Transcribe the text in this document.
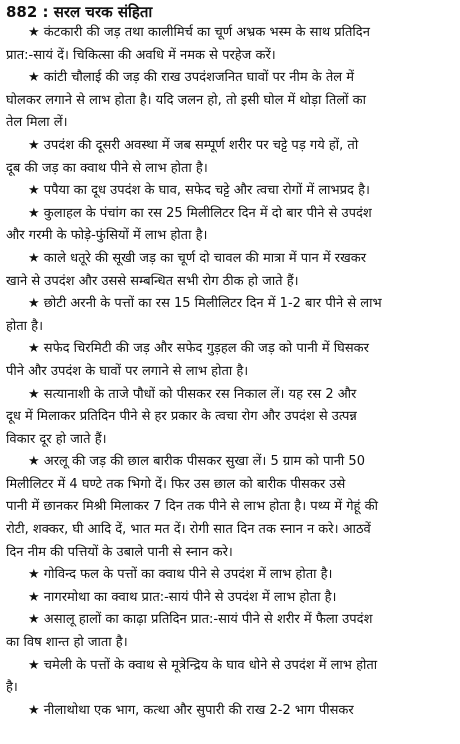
882 : सरल चरक संहिता
★ कंटकारी की जड़ तथा कालीमिर्च का चूर्ण अभ्रक भस्म के साथ प्रतिदिन
प्रात:-सायं दें। चिकित्सा की अवधि में नमक से परहेज करें।
★ कांटी चौलाई की जड़ की राख उपदंशजनित घावों पर नीम के तेल में
घोलकर लगाने से लाभ होता है। यदि जलन हो, तो इसी घोल में थोड़ा तिलों का
तेल मिला लें।
★ उपदंश की दूसरी अवस्था में जब सम्पूर्ण शरीर पर चट्टे पड़ गये हों, तो
दूब की जड़ का क्वाथ पीने से लाभ होता है।
★ पपैया का दूध उपदंश के घाव, सफेद चट्टे और त्वचा रोगों में लाभप्रद है।
★ कुलाहल के पंचांग का रस 25 मिलीलिटर दिन में दो बार पीने से उपदंश
और गरमी के फोड़े-फुंसियों में लाभ होता है।
★ काले धतूरे की सूखी जड़ का चूर्ण दो चावल की मात्रा में पान में रखकर
खाने से उपदंश और उससे सम्बन्धित सभी रोग ठीक हो जाते हैं।
★ छोटी अरनी के पत्तों का रस 15 मिलीलिटर दिन में 1-2 बार पीने से लाभ
होता है।
★ सफेद चिरमिटी की जड़ और सफेद गुड़हल की जड़ को पानी में घिसकर
पीने और उपदंश के घावों पर लगाने से लाभ होता है।
★ सत्यानाशी के ताजे पौधों को पीसकर रस निकाल लें। यह रस 2 और
दूध में मिलाकर प्रतिदिन पीने से हर प्रकार के त्वचा रोग और उपदंश से उत्पन्न
विकार दूर हो जाते हैं।
★ अरलू की जड़ की छाल बारीक पीसकर सुखा लें। 5 ग्राम को पानी 50
मिलीलिटर में 4 घण्टे तक भिगो दें। फिर उस छाल को बारीक पीसकर उसे
पानी में छानकर मिश्री मिलाकर 7 दिन तक पीने से लाभ होता है। पथ्य में गेहूं की
रोटी, शक्कर, घी आदि दें, भात मत दें। रोगी सात दिन तक स्नान न करे। आठवें
दिन नीम की पत्तियों के उबाले पानी से स्नान करे।
★ गोविन्द फल के पत्तों का क्वाथ पीने से उपदंश में लाभ होता है।
★ नागरमोथा का क्वाथ प्रात:-सायं पीने से उपदंश में लाभ होता है।
★ असालू हालों का काढ़ा प्रतिदिन प्रात:-सायं पीने से शरीर में फैला उपदंश
का विष शान्त हो जाता है।
★ चमेली के पत्तों के क्वाथ से मूत्रेन्द्रिय के घाव धोने से उपदंश में लाभ होता
है।
★ नीलाथोथा एक भाग, कत्था और सुपारी की राख 2-2 भाग पीसकर
